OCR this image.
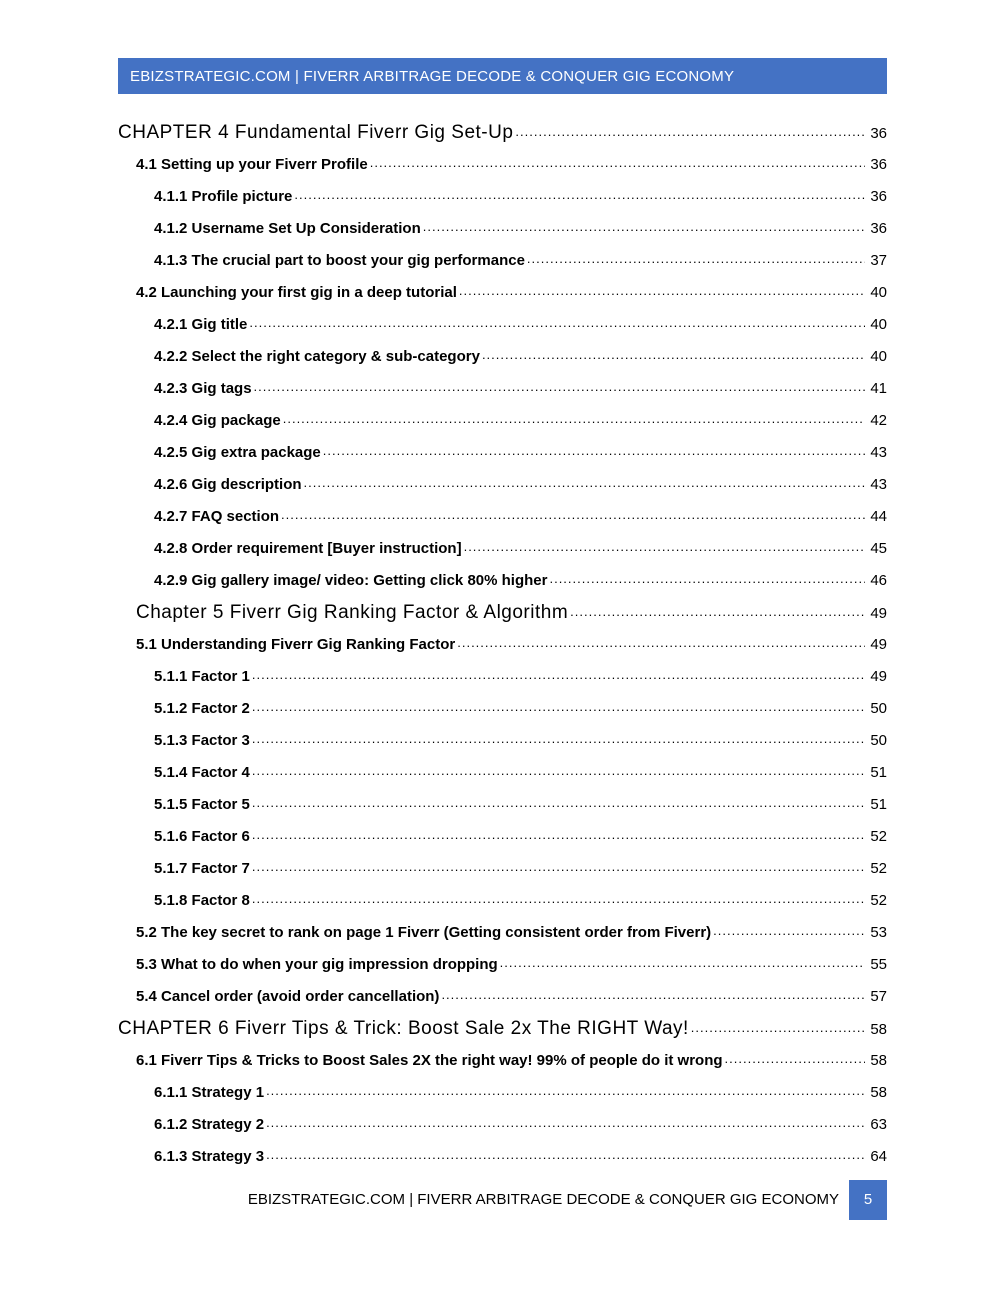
EBIZSTRATEGIC.COM | FIVERR ARBITRAGE DECODE & CONQUER GIG ECONOMY
CHAPTER 4 Fundamental Fiverr Gig Set-Up .....	36
4.1 Setting up your Fiverr Profile .....	36
4.1.1 Profile picture .....	36
4.1.2 Username Set Up Consideration .....	36
4.1.3 The crucial part to boost your gig performance .....	37
4.2 Launching your first gig in a deep tutorial .....	40
4.2.1 Gig title .....	40
4.2.2 Select the right category & sub-category .....	40
4.2.3 Gig tags .....	41
4.2.4 Gig package .....	42
4.2.5 Gig extra package .....	43
4.2.6 Gig description .....	43
4.2.7 FAQ section .....	44
4.2.8 Order requirement [Buyer instruction] .....	45
4.2.9 Gig gallery image/ video: Getting click 80% higher .....	46
Chapter 5 Fiverr Gig Ranking Factor & Algorithm .....	49
5.1 Understanding Fiverr Gig Ranking Factor .....	49
5.1.1 Factor 1 .....	49
5.1.2 Factor 2 .....	50
5.1.3 Factor 3 .....	50
5.1.4 Factor 4 .....	51
5.1.5 Factor 5 .....	51
5.1.6 Factor 6 .....	52
5.1.7 Factor 7 .....	52
5.1.8 Factor 8 .....	52
5.2 The key secret to rank on page 1 Fiverr (Getting consistent order from Fiverr) .....	53
5.3 What to do when your gig impression dropping .....	55
5.4 Cancel order (avoid order cancellation) .....	57
CHAPTER 6 Fiverr Tips & Trick: Boost Sale 2x The RIGHT Way! .....	58
6.1 Fiverr Tips & Tricks to Boost Sales 2X the right way! 99% of people do it wrong .....	58
6.1.1 Strategy 1 .....	58
6.1.2 Strategy 2 .....	63
6.1.3 Strategy 3 .....	64
EBIZSTRATEGIC.COM | FIVERR ARBITRAGE DECODE & CONQUER GIG ECONOMY	5
